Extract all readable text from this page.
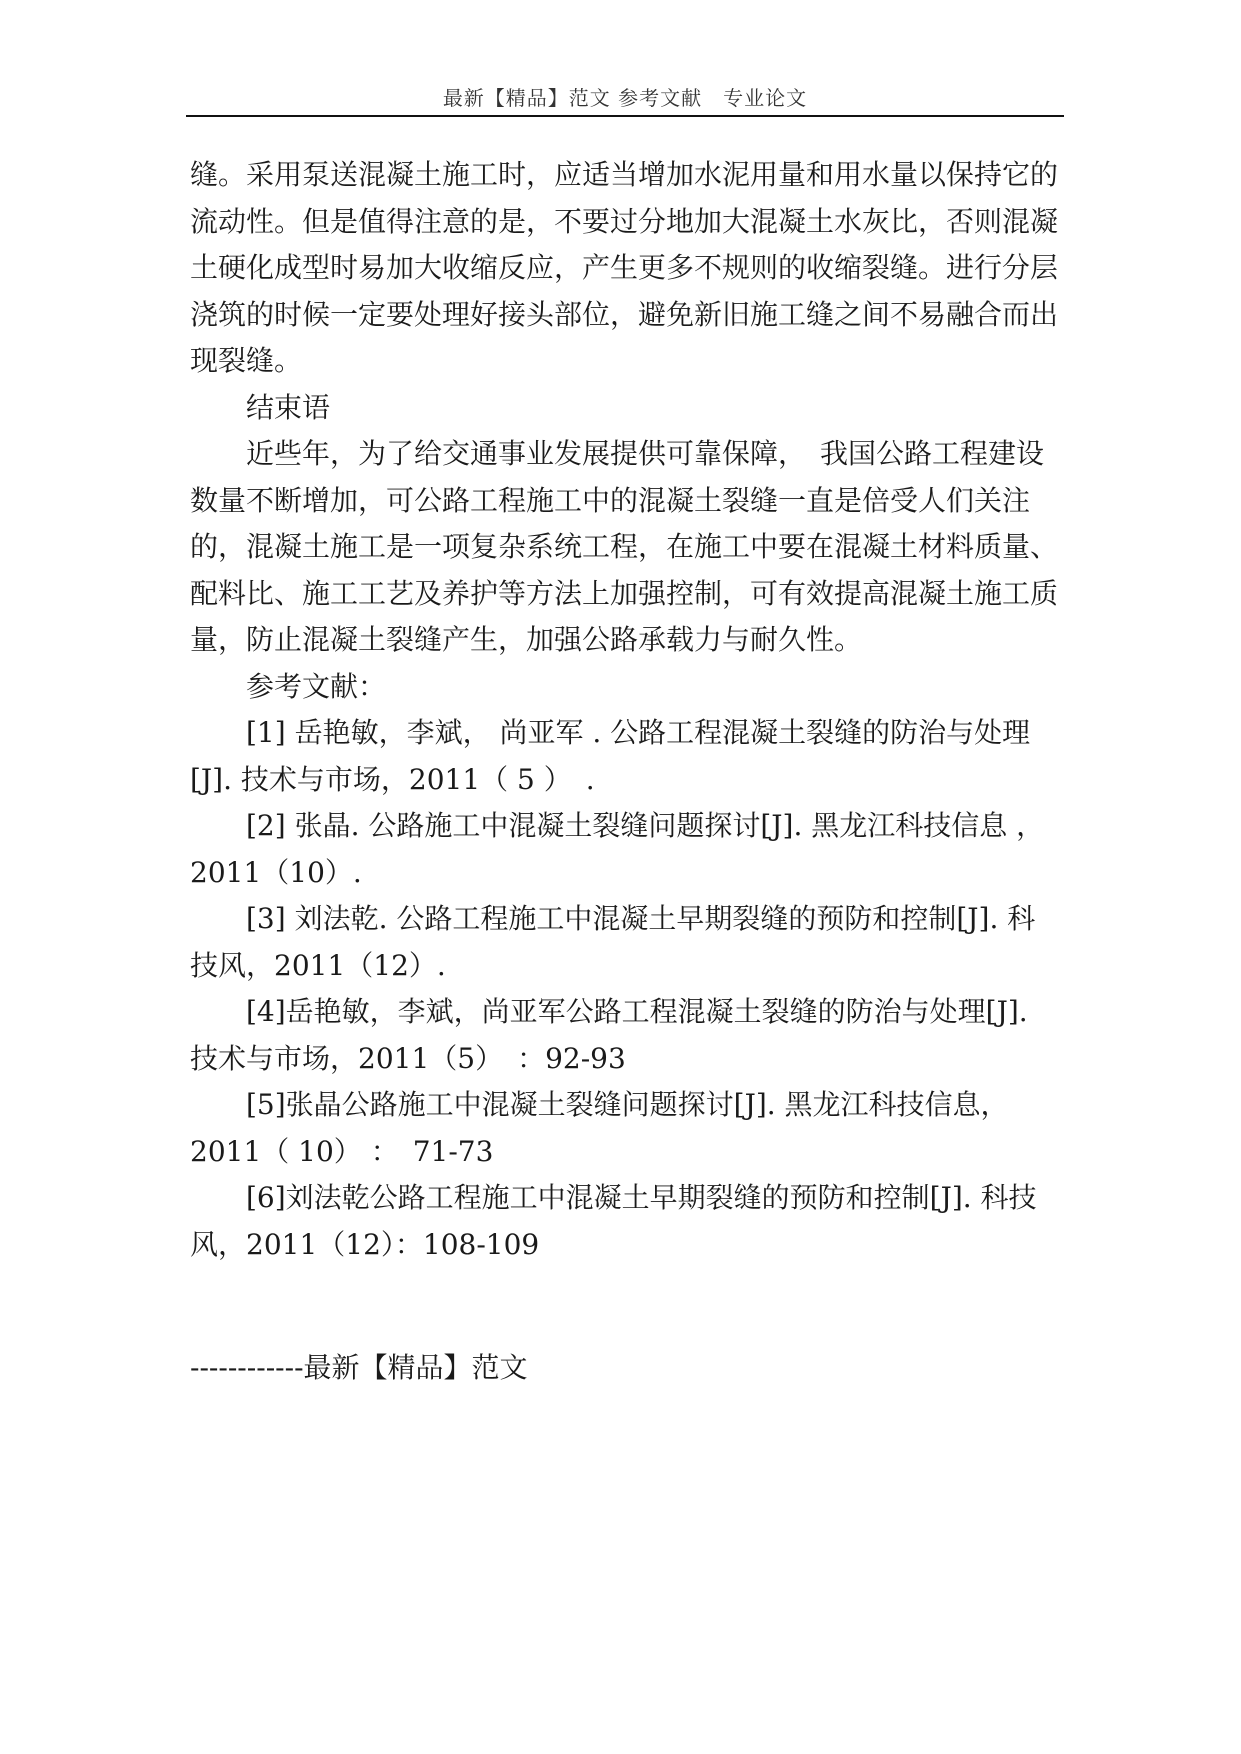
最新【精品】范文 参考文献　专业论文

缝。采用泵送混凝土施工时，应适当增加水泥用量和用水量以保持它的流动性。但是值得注意的是，不要过分地加大混凝土水灰比，否则混凝土硬化成型时易加大收缩反应，产生更多不规则的收缩裂缝。进行分层浇筑的时候一定要处理好接头部位，避免新旧施工缝之间不易融合而出现裂缝。

结束语

近些年，为了给交通事业发展提供可靠保障，　我国公路工程建设数量不断增加，可公路工程施工中的混凝土裂缝一直是倍受人们关注的，混凝土施工是一项复杂系统工程，在施工中要在混凝土材料质量、配料比、施工工艺及养护等方法上加强控制，可有效提高混凝土施工质量，防止混凝土裂缝产生，加强公路承载力与耐久性。

参考文献：

[1] 岳艳敏，李斌， 尚亚军 . 公路工程混凝土裂缝的防治与处理[J]. 技术与市场，2011（ 5 ）　.

[2] 张晶. 公路施工中混凝土裂缝问题探讨[J]. 黑龙江科技信息 ，2011（10）.

[3] 刘法乾. 公路工程施工中混凝土早期裂缝的预防和控制[J]. 科技风，2011（12）.

[4]岳艳敏，李斌，尚亚军公路工程混凝土裂缝的防治与处理[J]. 技术与市场，2011（5）　：92-93

[5]张晶公路施工中混凝土裂缝问题探讨[J]. 黑龙江科技信息，2011（ 10） ：　71-73

[6]刘法乾公路工程施工中混凝土早期裂缝的预防和控制[J]. 科技风，2011（12）：108-109

------------最新【精品】范文
